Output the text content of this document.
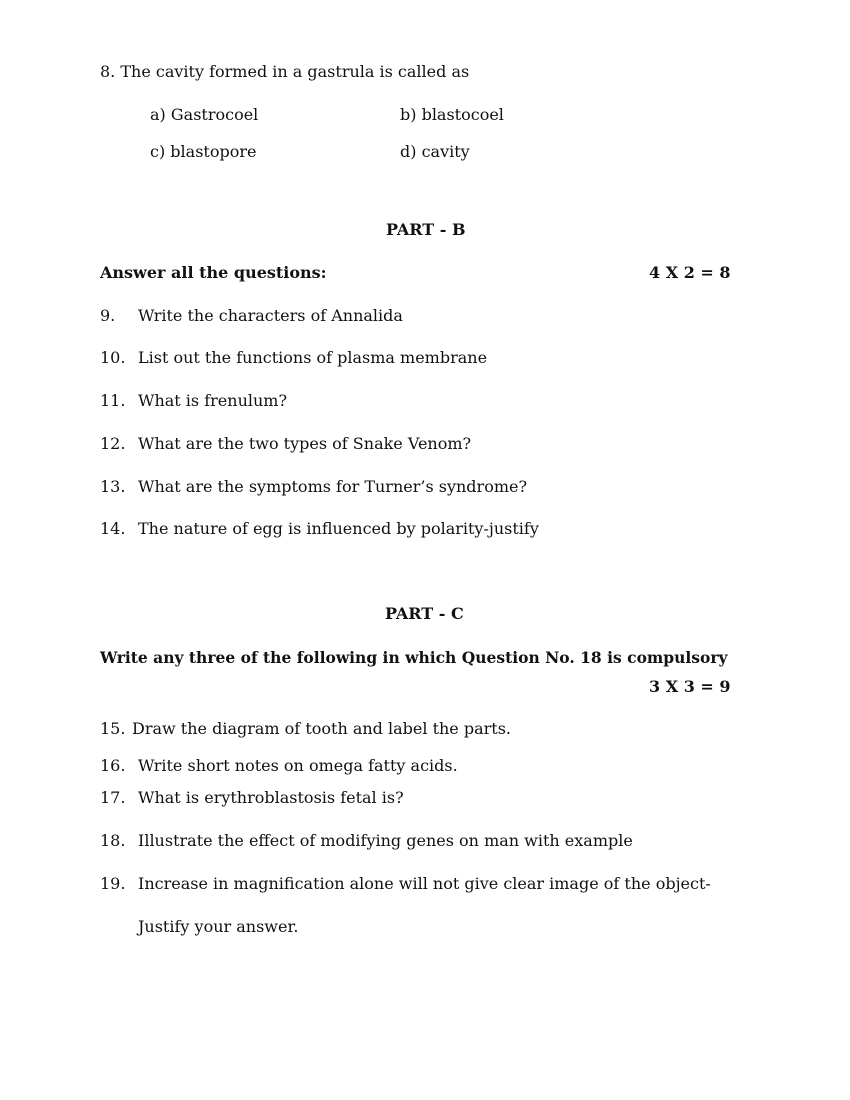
8. The cavity formed in a gastrula is called as
a) Gastrocoel	b) blastocoel
c) blastopore	d) cavity
PART - B
Answer all the questions:	4 X 2 = 8
9. Write the characters of Annalida
10. List out the functions of plasma membrane
11. What is frenulum?
12. What are the two types of Snake Venom?
13. What are the symptoms for Turner’s syndrome?
14. The nature of egg is influenced by polarity-justify
PART - C
Write any three of the following in which Question No. 18 is compulsory
3 X 3 = 9
15. Draw the diagram of tooth and label the parts.
16. Write short notes on omega fatty acids.
17. What is erythroblastosis fetal is?
18. Illustrate the effect of modifying genes on man with example
19. Increase in magnification alone will not give clear image of the object-
Justify your answer.
